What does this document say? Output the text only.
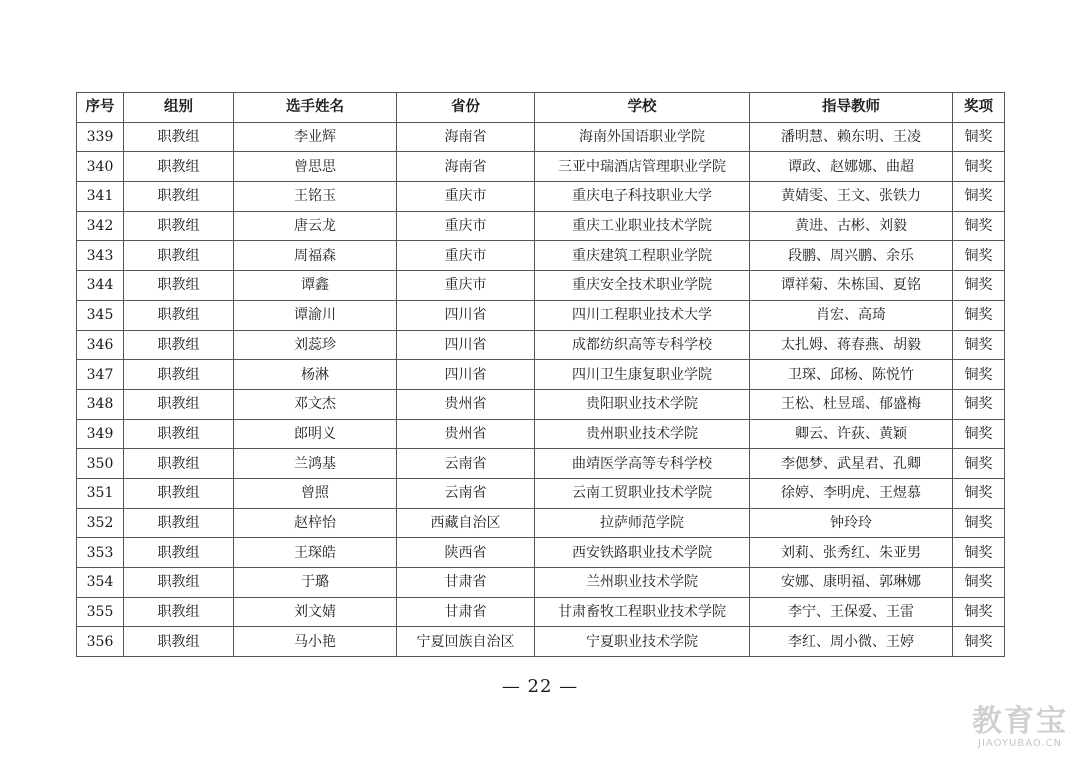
序号	组别	选手姓名	省份	学校	指导教师	奖项
339	职教组	李业辉	海南省	海南外国语职业学院	潘明慧、赖东明、王凌	铜奖
340	职教组	曾思思	海南省	三亚中瑞酒店管理职业学院	谭政、赵娜娜、曲超	铜奖
341	职教组	王铭玉	重庆市	重庆电子科技职业大学	黄婧雯、王文、张铁力	铜奖
342	职教组	唐云龙	重庆市	重庆工业职业技术学院	黄进、古彬、刘毅	铜奖
343	职教组	周福森	重庆市	重庆建筑工程职业学院	段鹏、周兴鹏、余乐	铜奖
344	职教组	谭鑫	重庆市	重庆安全技术职业学院	谭祥菊、朱栋国、夏铭	铜奖
345	职教组	谭渝川	四川省	四川工程职业技术大学	肖宏、高琦	铜奖
346	职教组	刘蕊珍	四川省	成都纺织高等专科学校	太扎姆、蒋春燕、胡毅	铜奖
347	职教组	杨淋	四川省	四川卫生康复职业学院	卫琛、邱杨、陈悦竹	铜奖
348	职教组	邓文杰	贵州省	贵阳职业技术学院	王松、杜昱瑶、郁盛梅	铜奖
349	职教组	郎明义	贵州省	贵州职业技术学院	卿云、许荻、黄颖	铜奖
350	职教组	兰鸿基	云南省	曲靖医学高等专科学校	李偲梦、武星君、孔卿	铜奖
351	职教组	曾照	云南省	云南工贸职业技术学院	徐婷、李明虎、王煜慕	铜奖
352	职教组	赵梓怡	西藏自治区	拉萨师范学院	钟玲玲	铜奖
353	职教组	王琛皓	陕西省	西安铁路职业技术学院	刘莉、张秀红、朱亚男	铜奖
354	职教组	于璐	甘肃省	兰州职业技术学院	安娜、康明福、郭琳娜	铜奖
355	职教组	刘文婧	甘肃省	甘肃畜牧工程职业技术学院	李宁、王保爱、王雷	铜奖
356	职教组	马小艳	宁夏回族自治区	宁夏职业技术学院	李红、周小微、王婷	铜奖
— 22 —
教育宝
JIAOYUBAO.CN
